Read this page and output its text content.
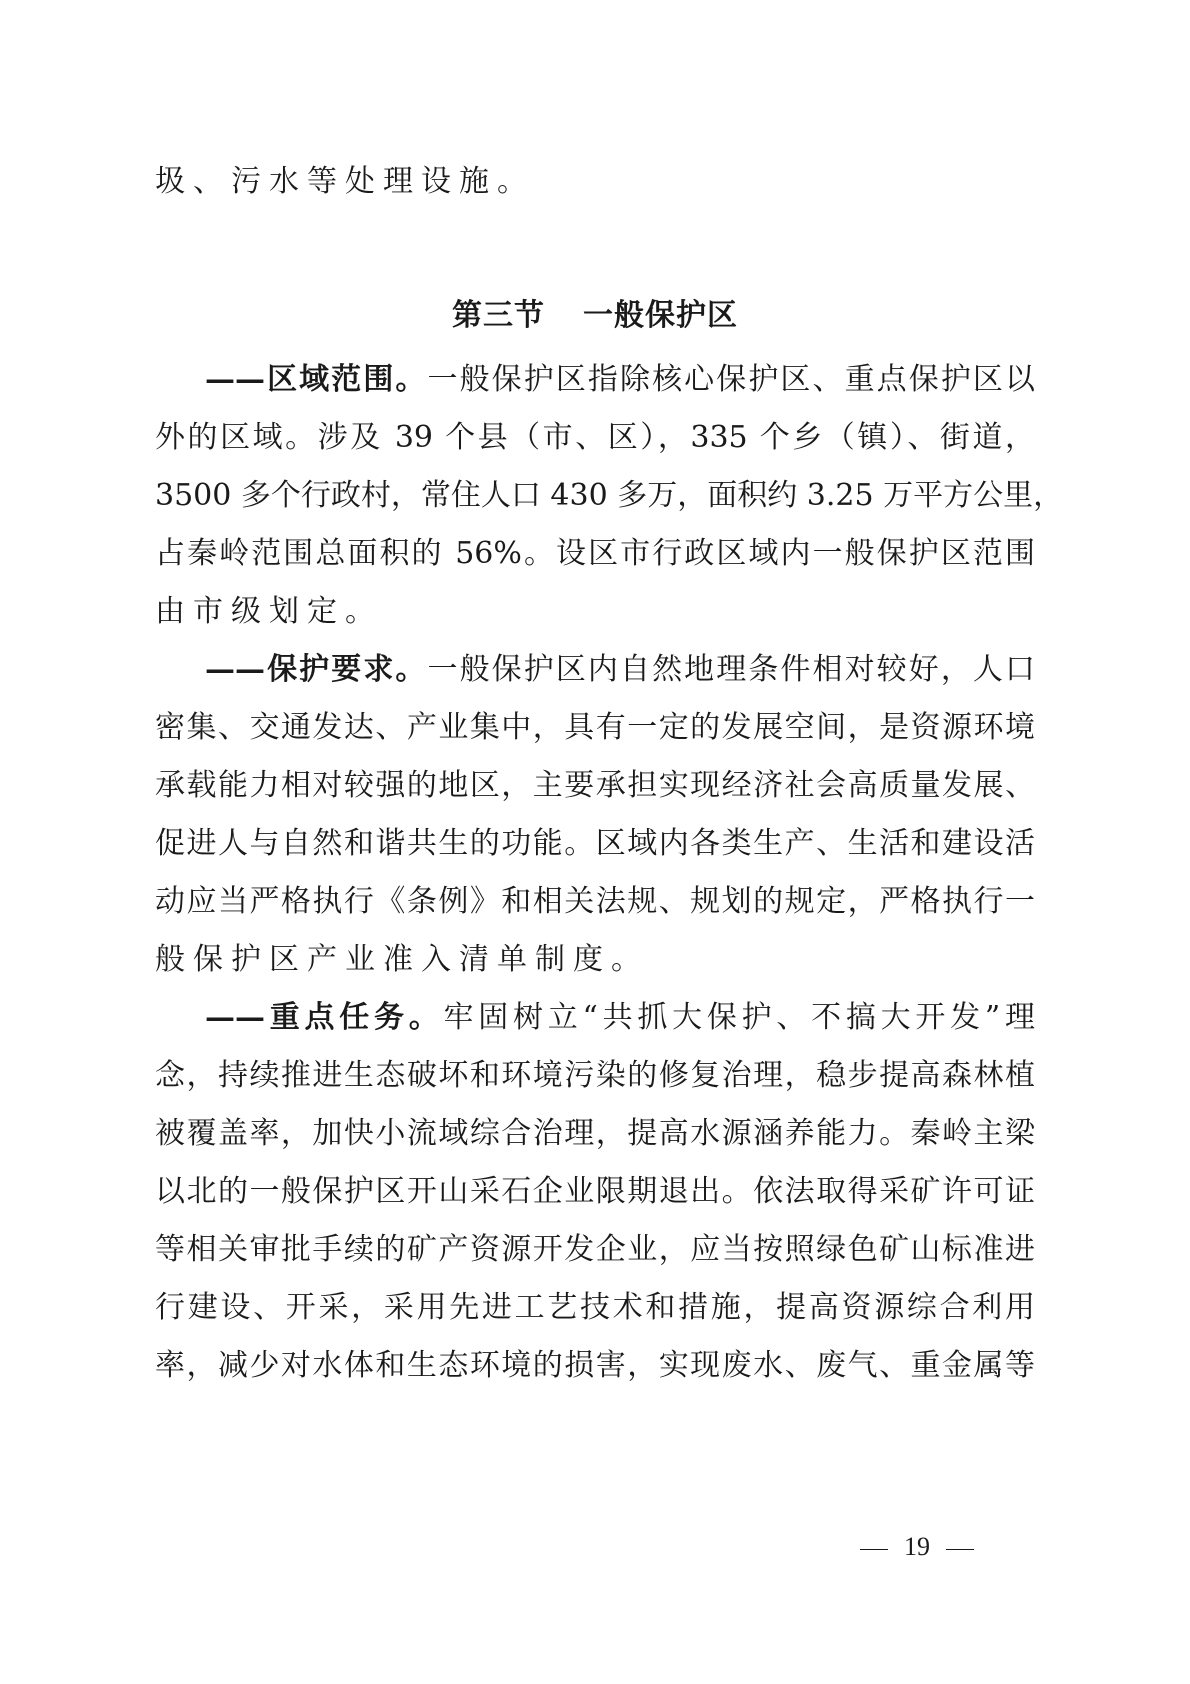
圾、污水等处理设施。
第三节 一般保护区
——区域范围。一般保护区指除核心保护区、重点保护区以
外的区域。涉及 39 个县（市、区），335 个乡（镇）、街道，
3500 多个行政村，常住人口 430 多万，面积约 3.25 万平方公里，
占秦岭范围总面积的 56%。设区市行政区域内一般保护区范围
由市级划定。
——保护要求。一般保护区内自然地理条件相对较好，人口
密集、交通发达、产业集中，具有一定的发展空间，是资源环境
承载能力相对较强的地区，主要承担实现经济社会高质量发展、
促进人与自然和谐共生的功能。区域内各类生产、生活和建设活
动应当严格执行《条例》和相关法规、规划的规定，严格执行一
般保护区产业准入清单制度。
——重点任务。牢固树立“共抓大保护、不搞大开发”理
念，持续推进生态破坏和环境污染的修复治理，稳步提高森林植
被覆盖率，加快小流域综合治理，提高水源涵养能力。秦岭主梁
以北的一般保护区开山采石企业限期退出。依法取得采矿许可证
等相关审批手续的矿产资源开发企业，应当按照绿色矿山标准进
行建设、开采，采用先进工艺技术和措施，提高资源综合利用
率，减少对水体和生态环境的损害，实现废水、废气、重金属等
19
